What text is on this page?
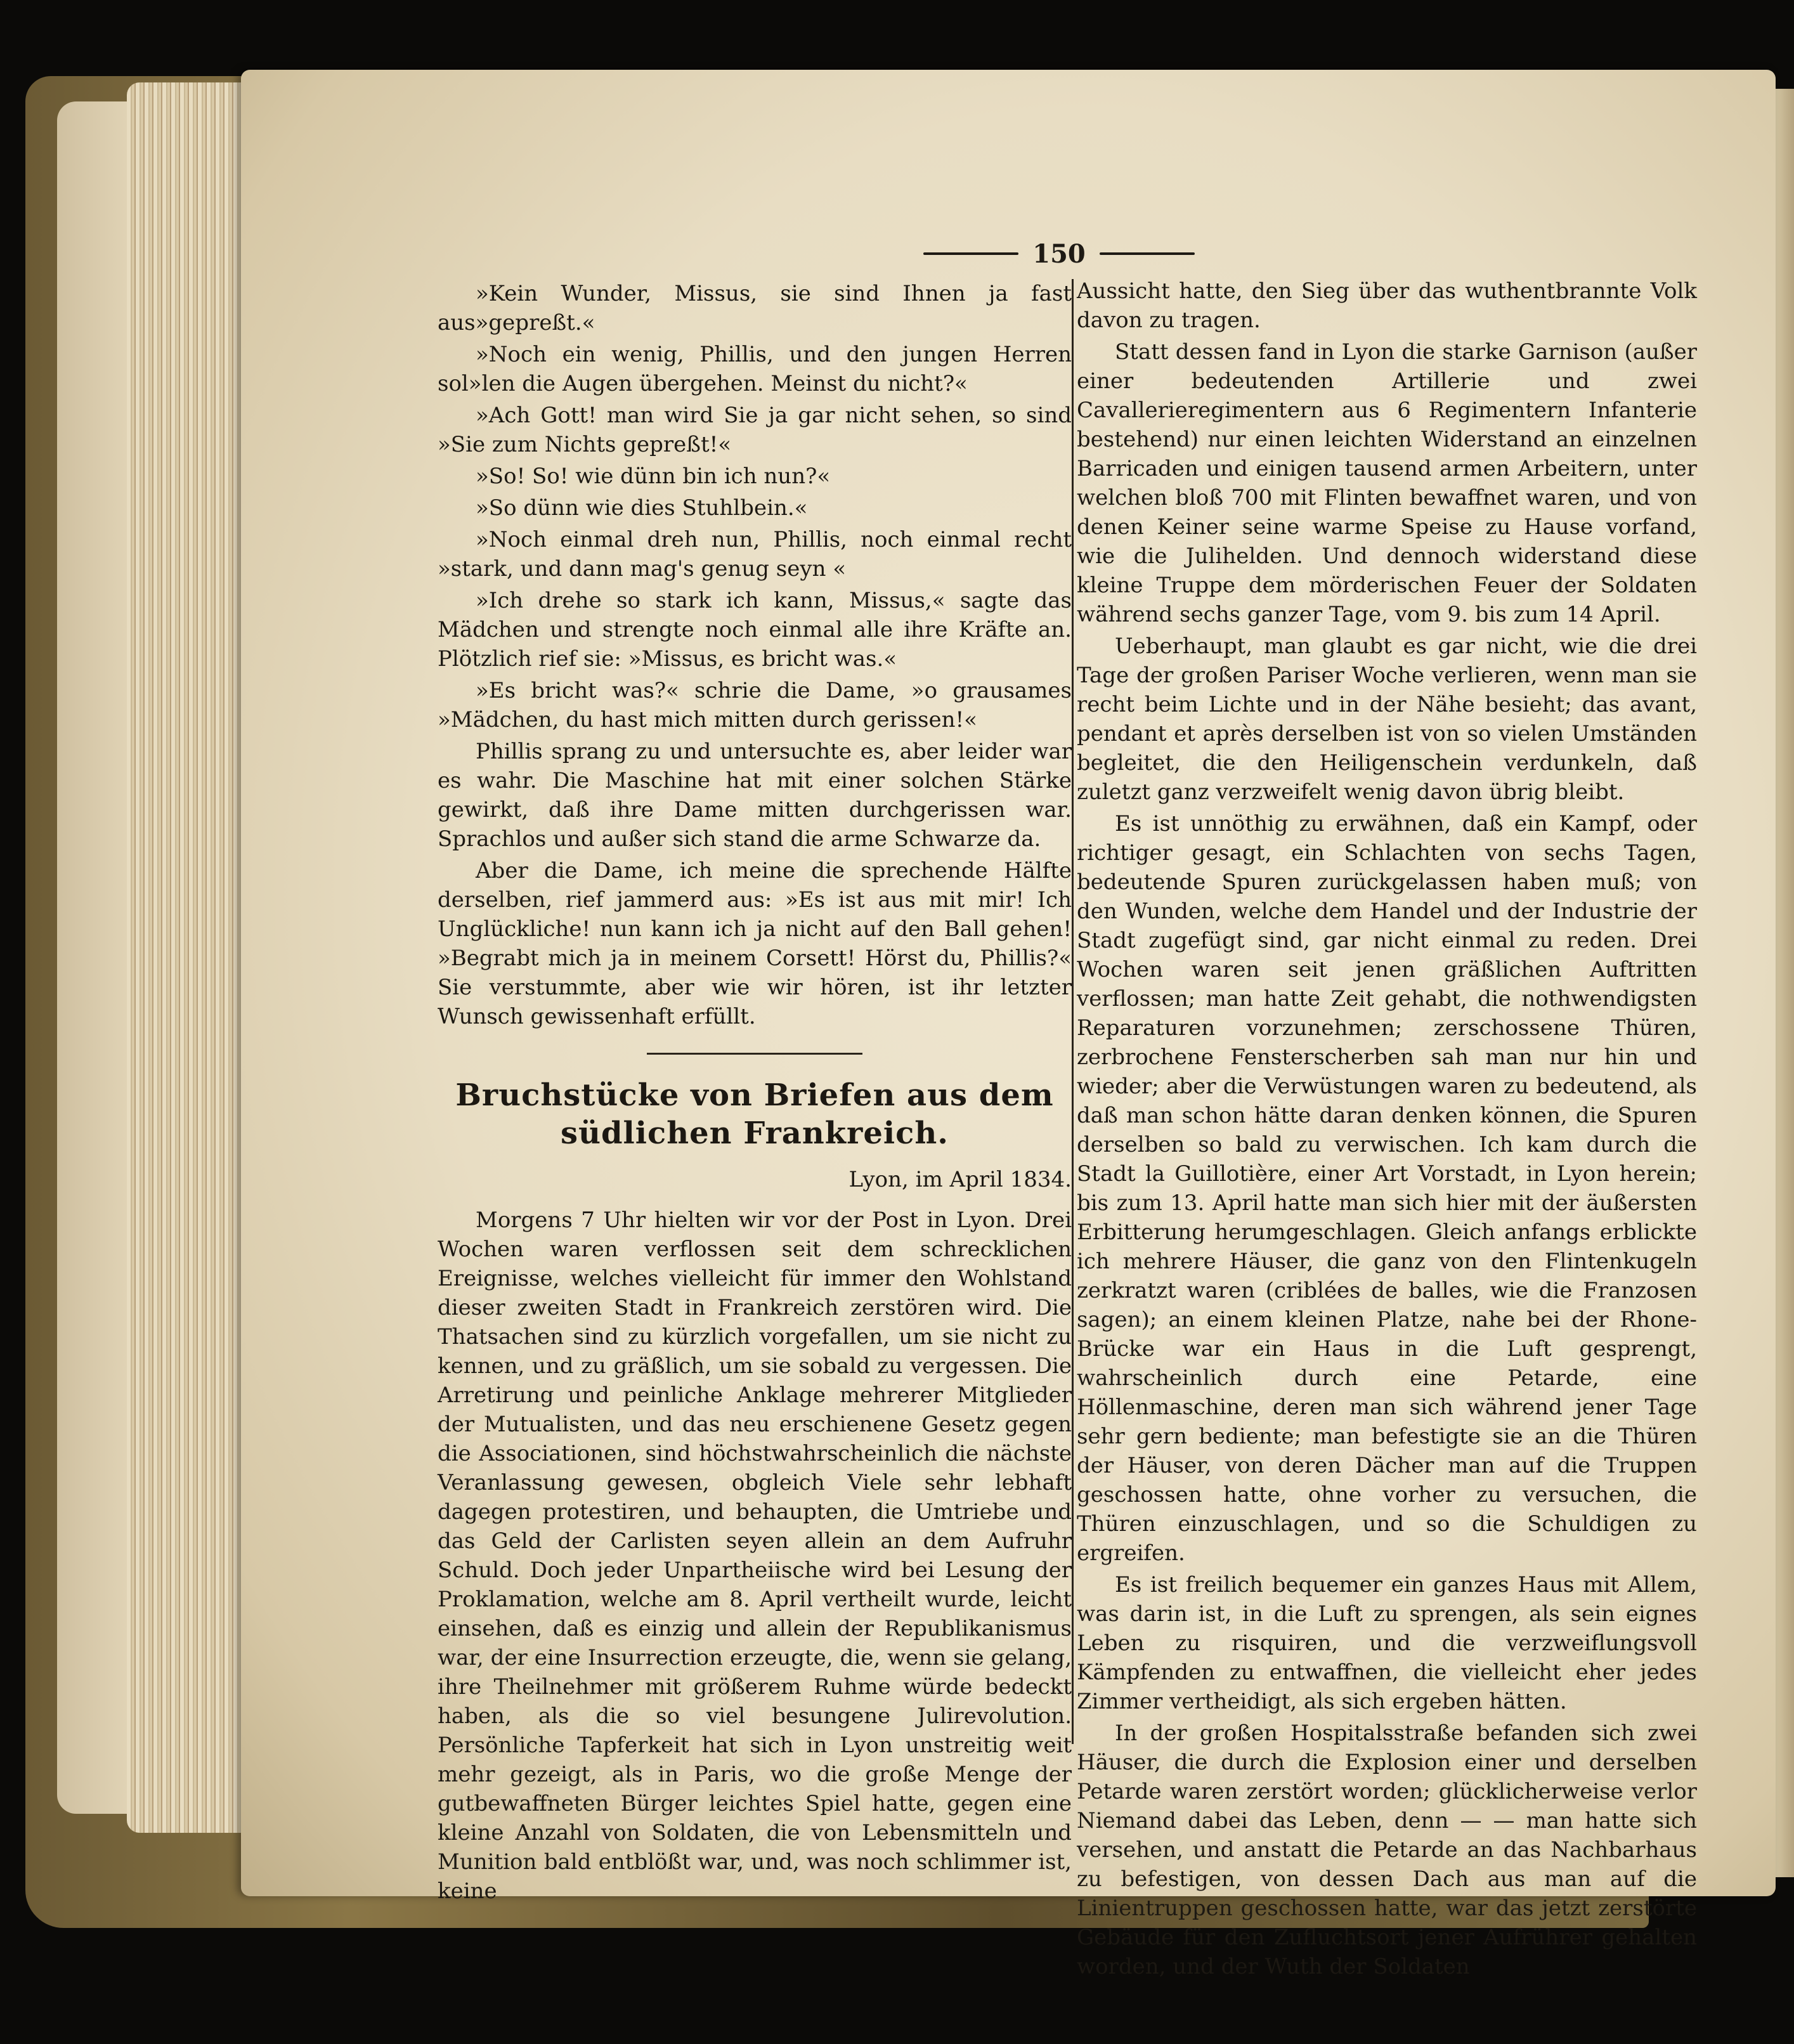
150

»Kein Wunder, Missus, sie sind Ihnen ja fast aus»gepreßt.«

»Noch ein wenig, Phillis, und den jungen Herren sol»len die Augen übergehen. Meinst du nicht?«

»Ach Gott! man wird Sie ja gar nicht sehen, so sind »Sie zum Nichts gepreßt!«

»So! So! wie dünn bin ich nun?«

»So dünn wie dies Stuhlbein.«

»Noch einmal dreh nun, Phillis, noch einmal recht »stark, und dann mag's genug seyn «

»Ich drehe so stark ich kann, Missus,« sagte das Mädchen und strengte noch einmal alle ihre Kräfte an. Plötzlich rief sie: »Missus, es bricht was.«

»Es bricht was?« schrie die Dame, »o grausames »Mädchen, du hast mich mitten durch gerissen!«

Phillis sprang zu und untersuchte es, aber leider war es wahr. Die Maschine hat mit einer solchen Stärke gewirkt, daß ihre Dame mitten durchgerissen war. Sprachlos und außer sich stand die arme Schwarze da.

Aber die Dame, ich meine die sprechende Hälfte derselben, rief jammerd aus: »Es ist aus mit mir! Ich Unglückliche! nun kann ich ja nicht auf den Ball gehen! »Begrabt mich ja in meinem Corsett! Hörst du, Phillis?« Sie verstummte, aber wie wir hören, ist ihr letzter Wunsch gewissenhaft erfüllt.

Bruchstücke von Briefen aus dem südlichen Frankreich.
Lyon, im April 1834.

Morgens 7 Uhr hielten wir vor der Post in Lyon. Drei Wochen waren verflossen seit dem schrecklichen Ereignisse, welches vielleicht für immer den Wohlstand dieser zweiten Stadt in Frankreich zerstören wird. Die Thatsachen sind zu kürzlich vorgefallen, um sie nicht zu kennen, und zu gräßlich, um sie sobald zu vergessen. Die Arretirung und peinliche Anklage mehrerer Mitglieder der Mutualisten, und das neu erschienene Gesetz gegen die Associationen, sind höchstwahrscheinlich die nächste Veranlassung gewesen, obgleich Viele sehr lebhaft dagegen protestiren, und behaupten, die Umtriebe und das Geld der Carlisten seyen allein an dem Aufruhr Schuld. Doch jeder Unpartheiische wird bei Lesung der Proklamation, welche am 8. April vertheilt wurde, leicht einsehen, daß es einzig und allein der Republikanismus war, der eine Insurrection erzeugte, die, wenn sie gelang, ihre Theilnehmer mit größerem Ruhme würde bedeckt haben, als die so viel besungene Julirevolution. Persönliche Tapferkeit hat sich in Lyon unstreitig weit mehr gezeigt, als in Paris, wo die große Menge der gutbewaffneten Bürger leichtes Spiel hatte, gegen eine kleine Anzahl von Soldaten, die von Lebensmitteln und Munition bald entblößt war, und, was noch schlimmer ist, keine

Aussicht hatte, den Sieg über das wuthentbrannte Volk davon zu tragen.

Statt dessen fand in Lyon die starke Garnison (außer einer bedeutenden Artillerie und zwei Cavallerieregimentern aus 6 Regimentern Infanterie bestehend) nur einen leichten Widerstand an einzelnen Barricaden und einigen tausend armen Arbeitern, unter welchen bloß 700 mit Flinten bewaffnet waren, und von denen Keiner seine warme Speise zu Hause vorfand, wie die Julihelden. Und dennoch widerstand diese kleine Truppe dem mörderischen Feuer der Soldaten während sechs ganzer Tage, vom 9. bis zum 14 April.

Ueberhaupt, man glaubt es gar nicht, wie die drei Tage der großen Pariser Woche verlieren, wenn man sie recht beim Lichte und in der Nähe besieht; das avant, pendant et après derselben ist von so vielen Umständen begleitet, die den Heiligenschein verdunkeln, daß zuletzt ganz verzweifelt wenig davon übrig bleibt.

Es ist unnöthig zu erwähnen, daß ein Kampf, oder richtiger gesagt, ein Schlachten von sechs Tagen, bedeutende Spuren zurückgelassen haben muß; von den Wunden, welche dem Handel und der Industrie der Stadt zugefügt sind, gar nicht einmal zu reden. Drei Wochen waren seit jenen gräßlichen Auftritten verflossen; man hatte Zeit gehabt, die nothwendigsten Reparaturen vorzunehmen; zerschossene Thüren, zerbrochene Fensterscherben sah man nur hin und wieder; aber die Verwüstungen waren zu bedeutend, als daß man schon hätte daran denken können, die Spuren derselben so bald zu verwischen. Ich kam durch die Stadt la Guillotière, einer Art Vorstadt, in Lyon herein; bis zum 13. April hatte man sich hier mit der äußersten Erbitterung herumgeschlagen. Gleich anfangs erblickte ich mehrere Häuser, die ganz von den Flintenkugeln zerkratzt waren (criblées de balles, wie die Franzosen sagen); an einem kleinen Platze, nahe bei der Rhone-Brücke war ein Haus in die Luft gesprengt, wahrscheinlich durch eine Petarde, eine Höllenmaschine, deren man sich während jener Tage sehr gern bediente; man befestigte sie an die Thüren der Häuser, von deren Dächer man auf die Truppen geschossen hatte, ohne vorher zu versuchen, die Thüren einzuschlagen, und so die Schuldigen zu ergreifen.

Es ist freilich bequemer ein ganzes Haus mit Allem, was darin ist, in die Luft zu sprengen, als sein eignes Leben zu risquiren, und die verzweiflungsvoll Kämpfenden zu entwaffnen, die vielleicht eher jedes Zimmer vertheidigt, als sich ergeben hätten.

In der großen Hospitalsstraße befanden sich zwei Häuser, die durch die Explosion einer und derselben Petarde waren zerstört worden; glücklicherweise verlor Niemand dabei das Leben, denn — — man hatte sich versehen, und anstatt die Petarde an das Nachbarhaus zu befestigen, von dessen Dach aus man auf die Linientruppen geschossen hatte, war das jetzt zerstörte Gebäude für den Zufluchtsort jener Aufrührer gehalten worden, und der Wuth der Soldaten
